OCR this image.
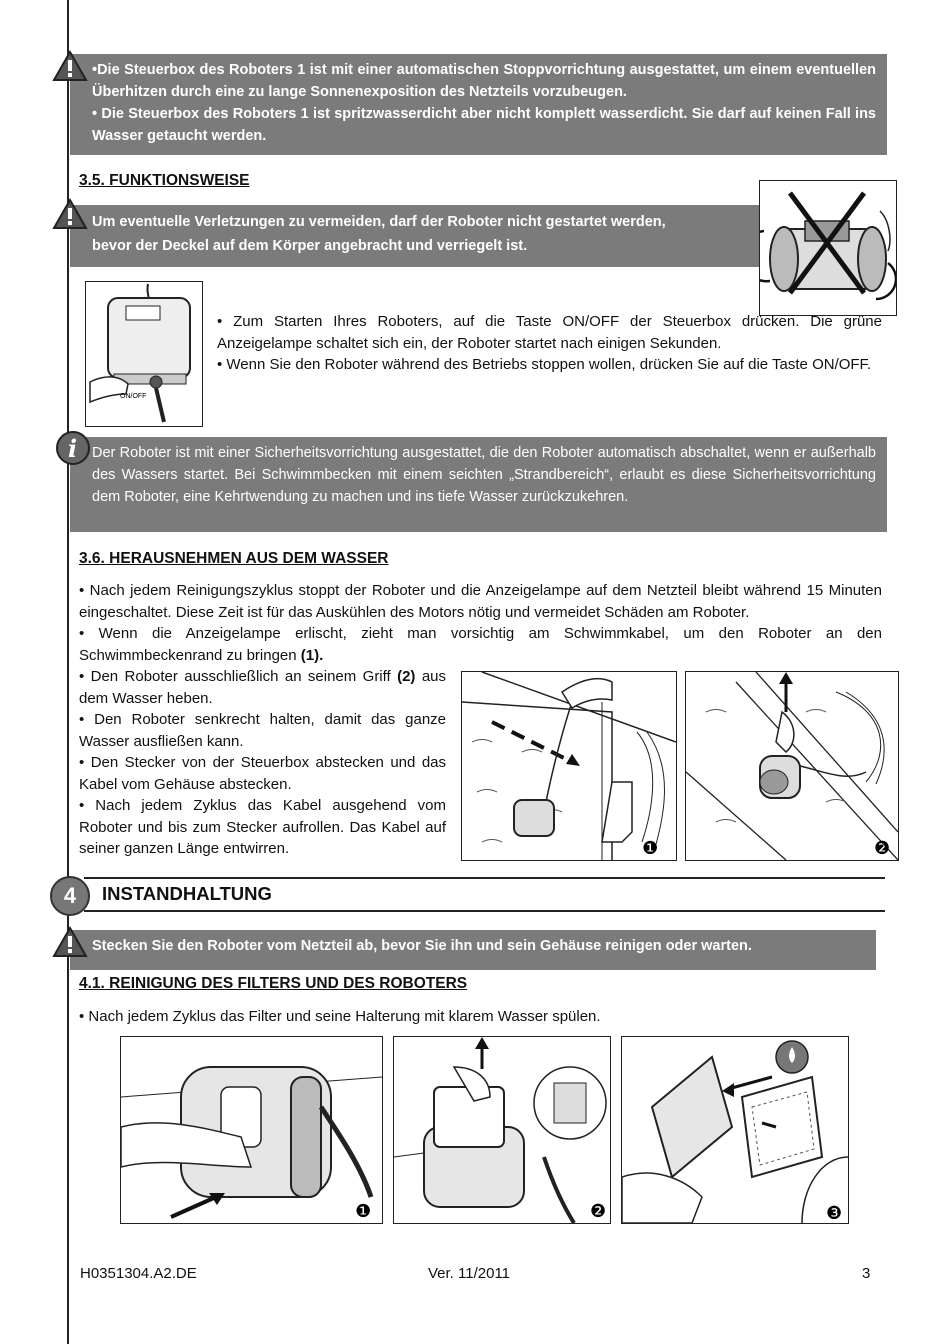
•Die Steuerbox des Roboters 1 ist mit einer automatischen Stoppvorrichtung ausgestattet, um einem eventuellen Überhitzen durch eine zu lange Sonnenexposition des Netzteils vorzubeugen.

• Die Steuerbox des Roboters 1 ist spritzwasserdicht aber nicht komplett wasserdicht. Sie darf auf keinen Fall ins Wasser getaucht werden.

3.5. FUNKTIONSWEISE

Um eventuelle Verletzungen zu vermeiden, darf der Roboter nicht gestartet werden,

bevor der Deckel auf dem Körper angebracht und verriegelt ist.

ON/OFF

• Zum Starten Ihres Roboters, auf die Taste ON/OFF der Steuerbox drücken. Die grüne Anzeigelampe schaltet sich ein, der Roboter startet nach einigen Sekunden.

• Wenn Sie den Roboter während des Betriebs stoppen wollen, drücken Sie auf die Taste ON/OFF.

Der Roboter ist mit einer Sicherheitsvorrichtung ausgestattet, die den Roboter automatisch abschaltet, wenn er außerhalb des Wassers startet. Bei Schwimmbecken mit einem seichten „Strandbereich“, erlaubt es diese Sicherheitsvorrichtung dem Roboter, eine Kehrtwendung zu machen und ins tiefe Wasser zurückzukehren.
i
3.6. HERAUSNEHMEN AUS DEM WASSER

• Nach jedem Reinigungszyklus stoppt der Roboter und die Anzeigelampe auf dem Netzteil bleibt während 15 Minuten eingeschaltet. Diese Zeit ist für das Auskühlen des Motors nötig und vermeidet Schäden am Roboter.

• Wenn die Anzeigelampe erlischt, zieht man vorsichtig am Schwimmkabel, um den Roboter an den Schwimmbeckenrand zu bringen (1).

• Den Roboter ausschließlich an seinem Griff (2) aus dem Wasser heben.

• Den Roboter senkrecht halten, damit das ganze Wasser ausfließen kann.

• Den Stecker von der Steuerbox abstecken und das Kabel vom Gehäuse abstecken.

• Nach jedem Zyklus das Kabel ausgehend vom Roboter und bis zum Stecker aufrollen. Das Kabel auf seiner ganzen Länge entwirren.	❶	❷
4	INSTANDHALTUNG
Stecken Sie den Roboter vom Netzteil ab, bevor Sie ihn und sein Gehäuse reinigen oder warten.
4.1. REINIGUNG DES FILTERS UND DES ROBOTERS
• Nach jedem Zyklus das Filter und seine Halterung mit klarem Wasser spülen.
❶	❷	❸
H0351304.A2.DE	Ver. 11/2011	3
